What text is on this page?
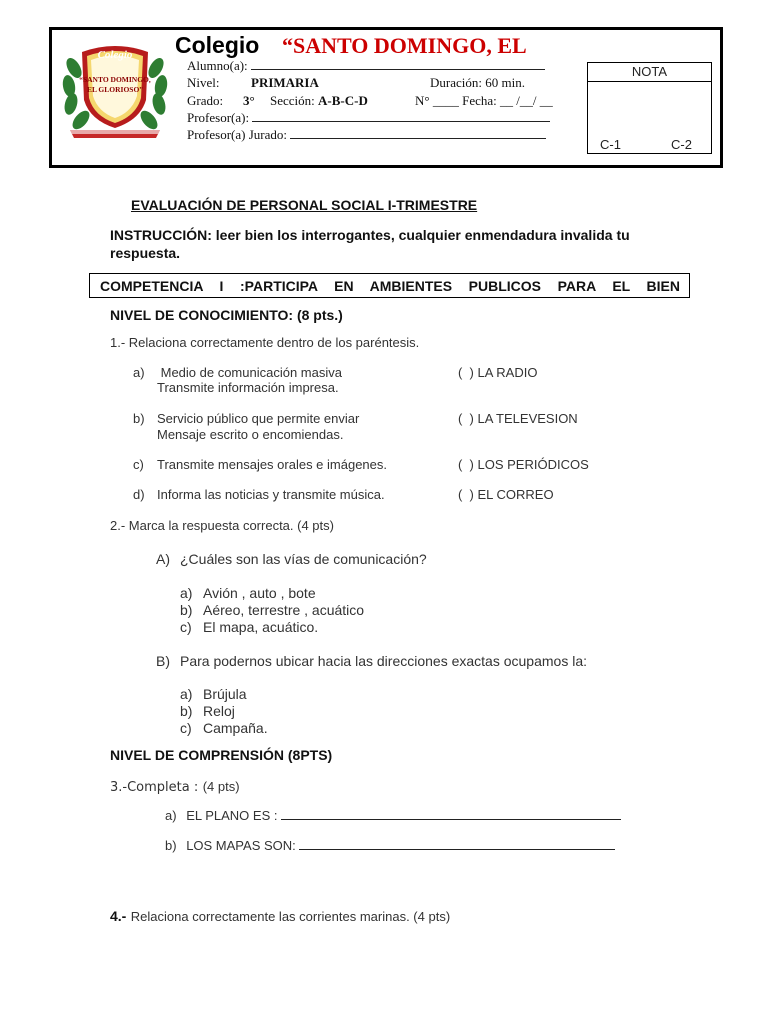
Colegio
“SANTO DOMINGO,
EL GLORIOSO”
Colegio “SANTO DOMINGO, EL
Alumno(a):
Nivel: PRIMARIA	Duración: 60 min.
Grado: 3° Sección: A-B-C-D	N° ____ Fecha: __ /__/ __
Profesor(a):
Profesor(a) Jurado:
NOTA
C-1	C-2
EVALUACIÓN DE PERSONAL SOCIAL I-TRIMESTRE
INSTRUCCIÓN: leer bien los interrogantes, cualquier enmendadura invalida tu respuesta.
COMPETENCIA I :PARTICIPA EN AMBIENTES PUBLICOS PARA EL BIEN
NIVEL DE CONOCIMIENTO: (8 pts.)
1.- Relaciona correctamente dentro de los paréntesis.
a) Medio de comunicación masiva
Transmite información impresa.
(  ) LA RADIO
b) Servicio público que permite enviar
Mensaje escrito o encomiendas.
(  ) LA TELEVESION
c) Transmite mensajes orales e imágenes.	(  ) LOS PERIÓDICOS
d) Informa las noticias y transmite música.	(  ) EL CORREO
2.- Marca la respuesta correcta. (4 pts)
A) ¿Cuáles son las vías de comunicación?
a) Avión , auto , bote
b) Aéreo, terrestre , acuático
c) El mapa, acuático.
B) Para podernos ubicar hacia las direcciones exactas ocupamos la:
a) Brújula
b) Reloj
c) Campaña.
NIVEL DE COMPRENSIÓN (8PTS)
3.-Completa : (4 pts)
a) EL PLANO ES :
b) LOS MAPAS SON:
4.- Relaciona correctamente las corrientes marinas. (4 pts)
